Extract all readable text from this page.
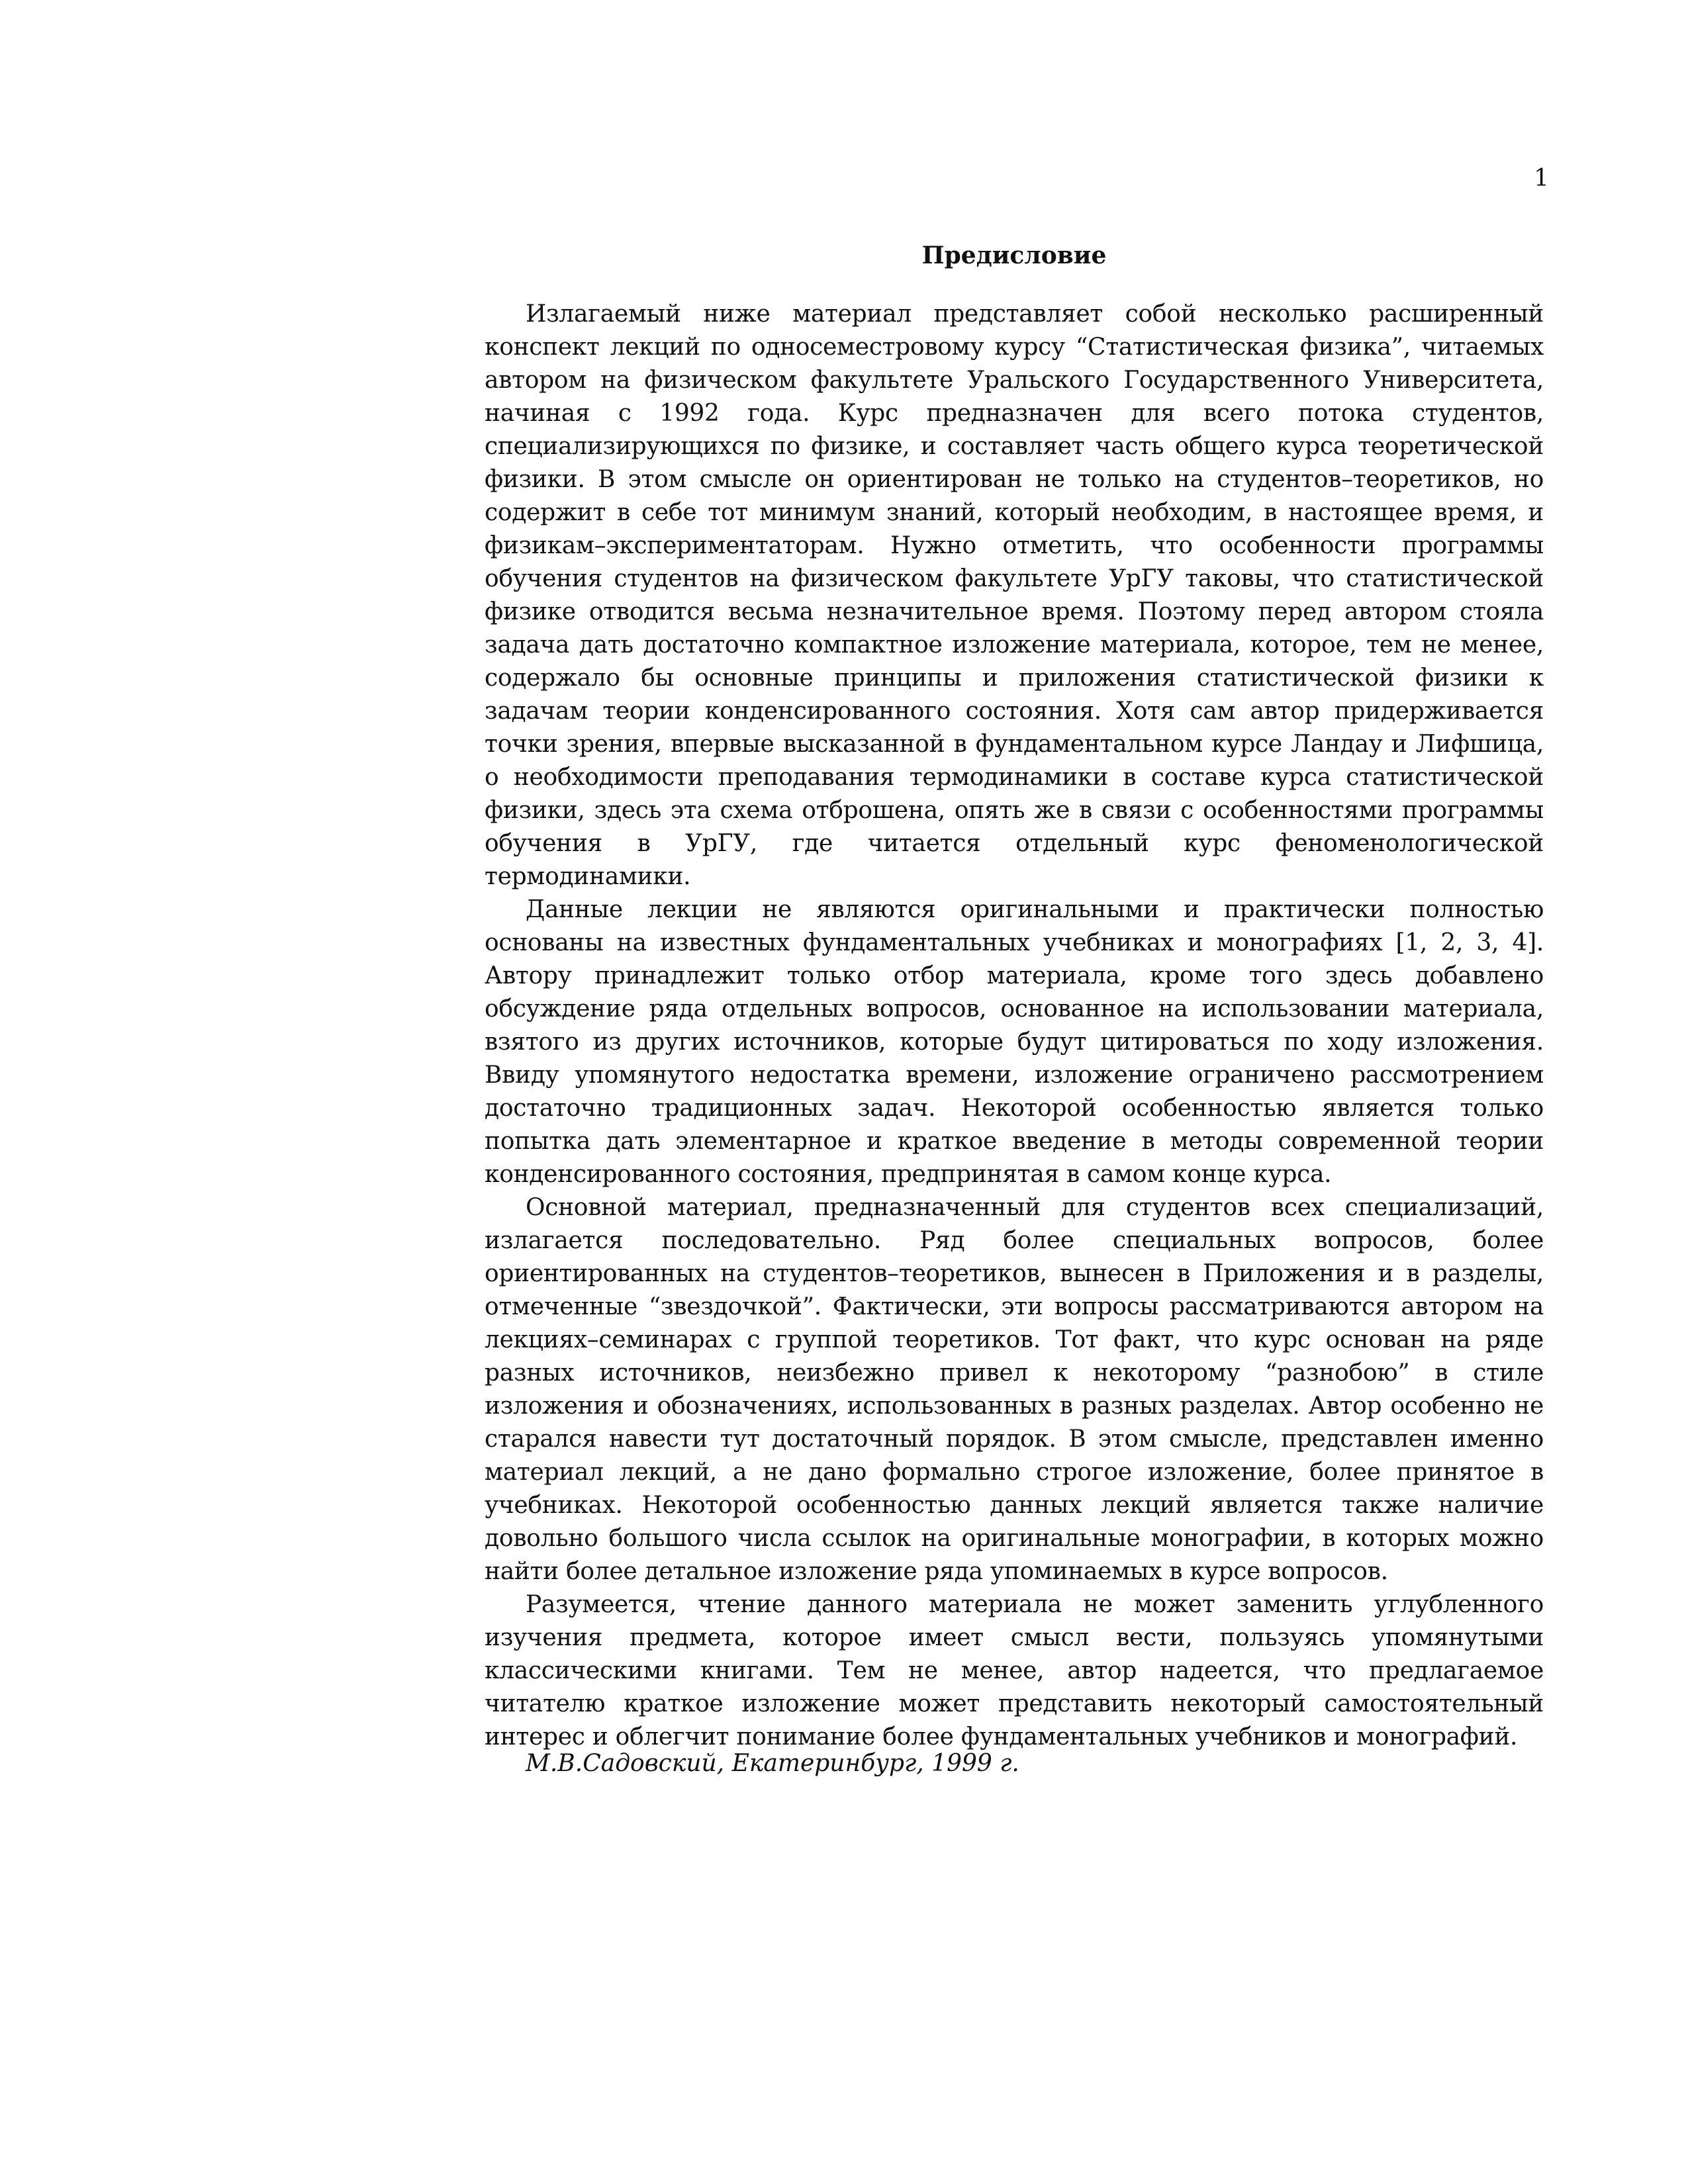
1

Предисловие

Излагаемый ниже материал представляет собой несколько расширенный конспект лекций по односеместровому курсу “Статистическая физика”, читаемых автором на физическом факультете Уральского Государственного Университета, начиная с 1992 года. Курс предназначен для всего потока студентов, специализирующихся по физике, и составляет часть общего курса теоретической физики. В этом смысле он ориентирован не только на студентов–теоретиков, но содержит в себе тот минимум знаний, который необходим, в настоящее время, и физикам–экспериментаторам. Нужно отметить, что особенности программы обучения студентов на физическом факультете УрГУ таковы, что статистической физике отводится весьма незначительное время. Поэтому перед автором стояла задача дать достаточно компактное изложение материала, которое, тем не менее, содержало бы основные принципы и приложения статистической физики к задачам теории конденсированного состояния. Хотя сам автор придерживается точки зрения, впервые высказанной в фундаментальном курсе Ландау и Лифшица, о необходимости преподавания термодинамики в составе курса статистической физики, здесь эта схема отброшена, опять же в связи с особенностями программы обучения в УрГУ, где читается отдельный курс феноменологической термодинамики.

Данные лекции не являются оригинальными и практически полностью основаны на известных фундаментальных учебниках и монографиях [1, 2, 3, 4]. Автору принадлежит только отбор материала, кроме того здесь добавлено обсуждение ряда отдельных вопросов, основанное на использовании материала, взятого из других источников, которые будут цитироваться по ходу изложения. Ввиду упомянутого недостатка времени, изложение ограничено рассмотрением достаточно традиционных задач. Некоторой особенностью является только попытка дать элементарное и краткое введение в методы современной теории конденсированного состояния, предпринятая в самом конце курса.

Основной материал, предназначенный для студентов всех специализаций, излагается последовательно. Ряд более специальных вопросов, более ориентированных на студентов–теоретиков, вынесен в Приложения и в разделы, отмеченные “звездочкой”. Фактически, эти вопросы рассматриваются автором на лекциях–семинарах с группой теоретиков. Тот факт, что курс основан на ряде разных источников, неизбежно привел к некоторому “разнобою” в стиле изложения и обозначениях, использованных в разных разделах. Автор особенно не старался навести тут достаточный порядок. В этом смысле, представлен именно материал лекций, а не дано формально строгое изложение, более принятое в учебниках. Некоторой особенностью данных лекций является также наличие довольно большого числа ссылок на оригинальные монографии, в которых можно найти более детальное изложение ряда упоминаемых в курсе вопросов.

Разумеется, чтение данного материала не может заменить углубленного изучения предмета, которое имеет смысл вести, пользуясь упомянутыми классическими книгами. Тем не менее, автор надеется, что предлагаемое читателю краткое изложение может представить некоторый самостоятельный интерес и облегчит понимание более фундаментальных учебников и монографий.

М.В.Садовский, Екатеринбург, 1999 г.
